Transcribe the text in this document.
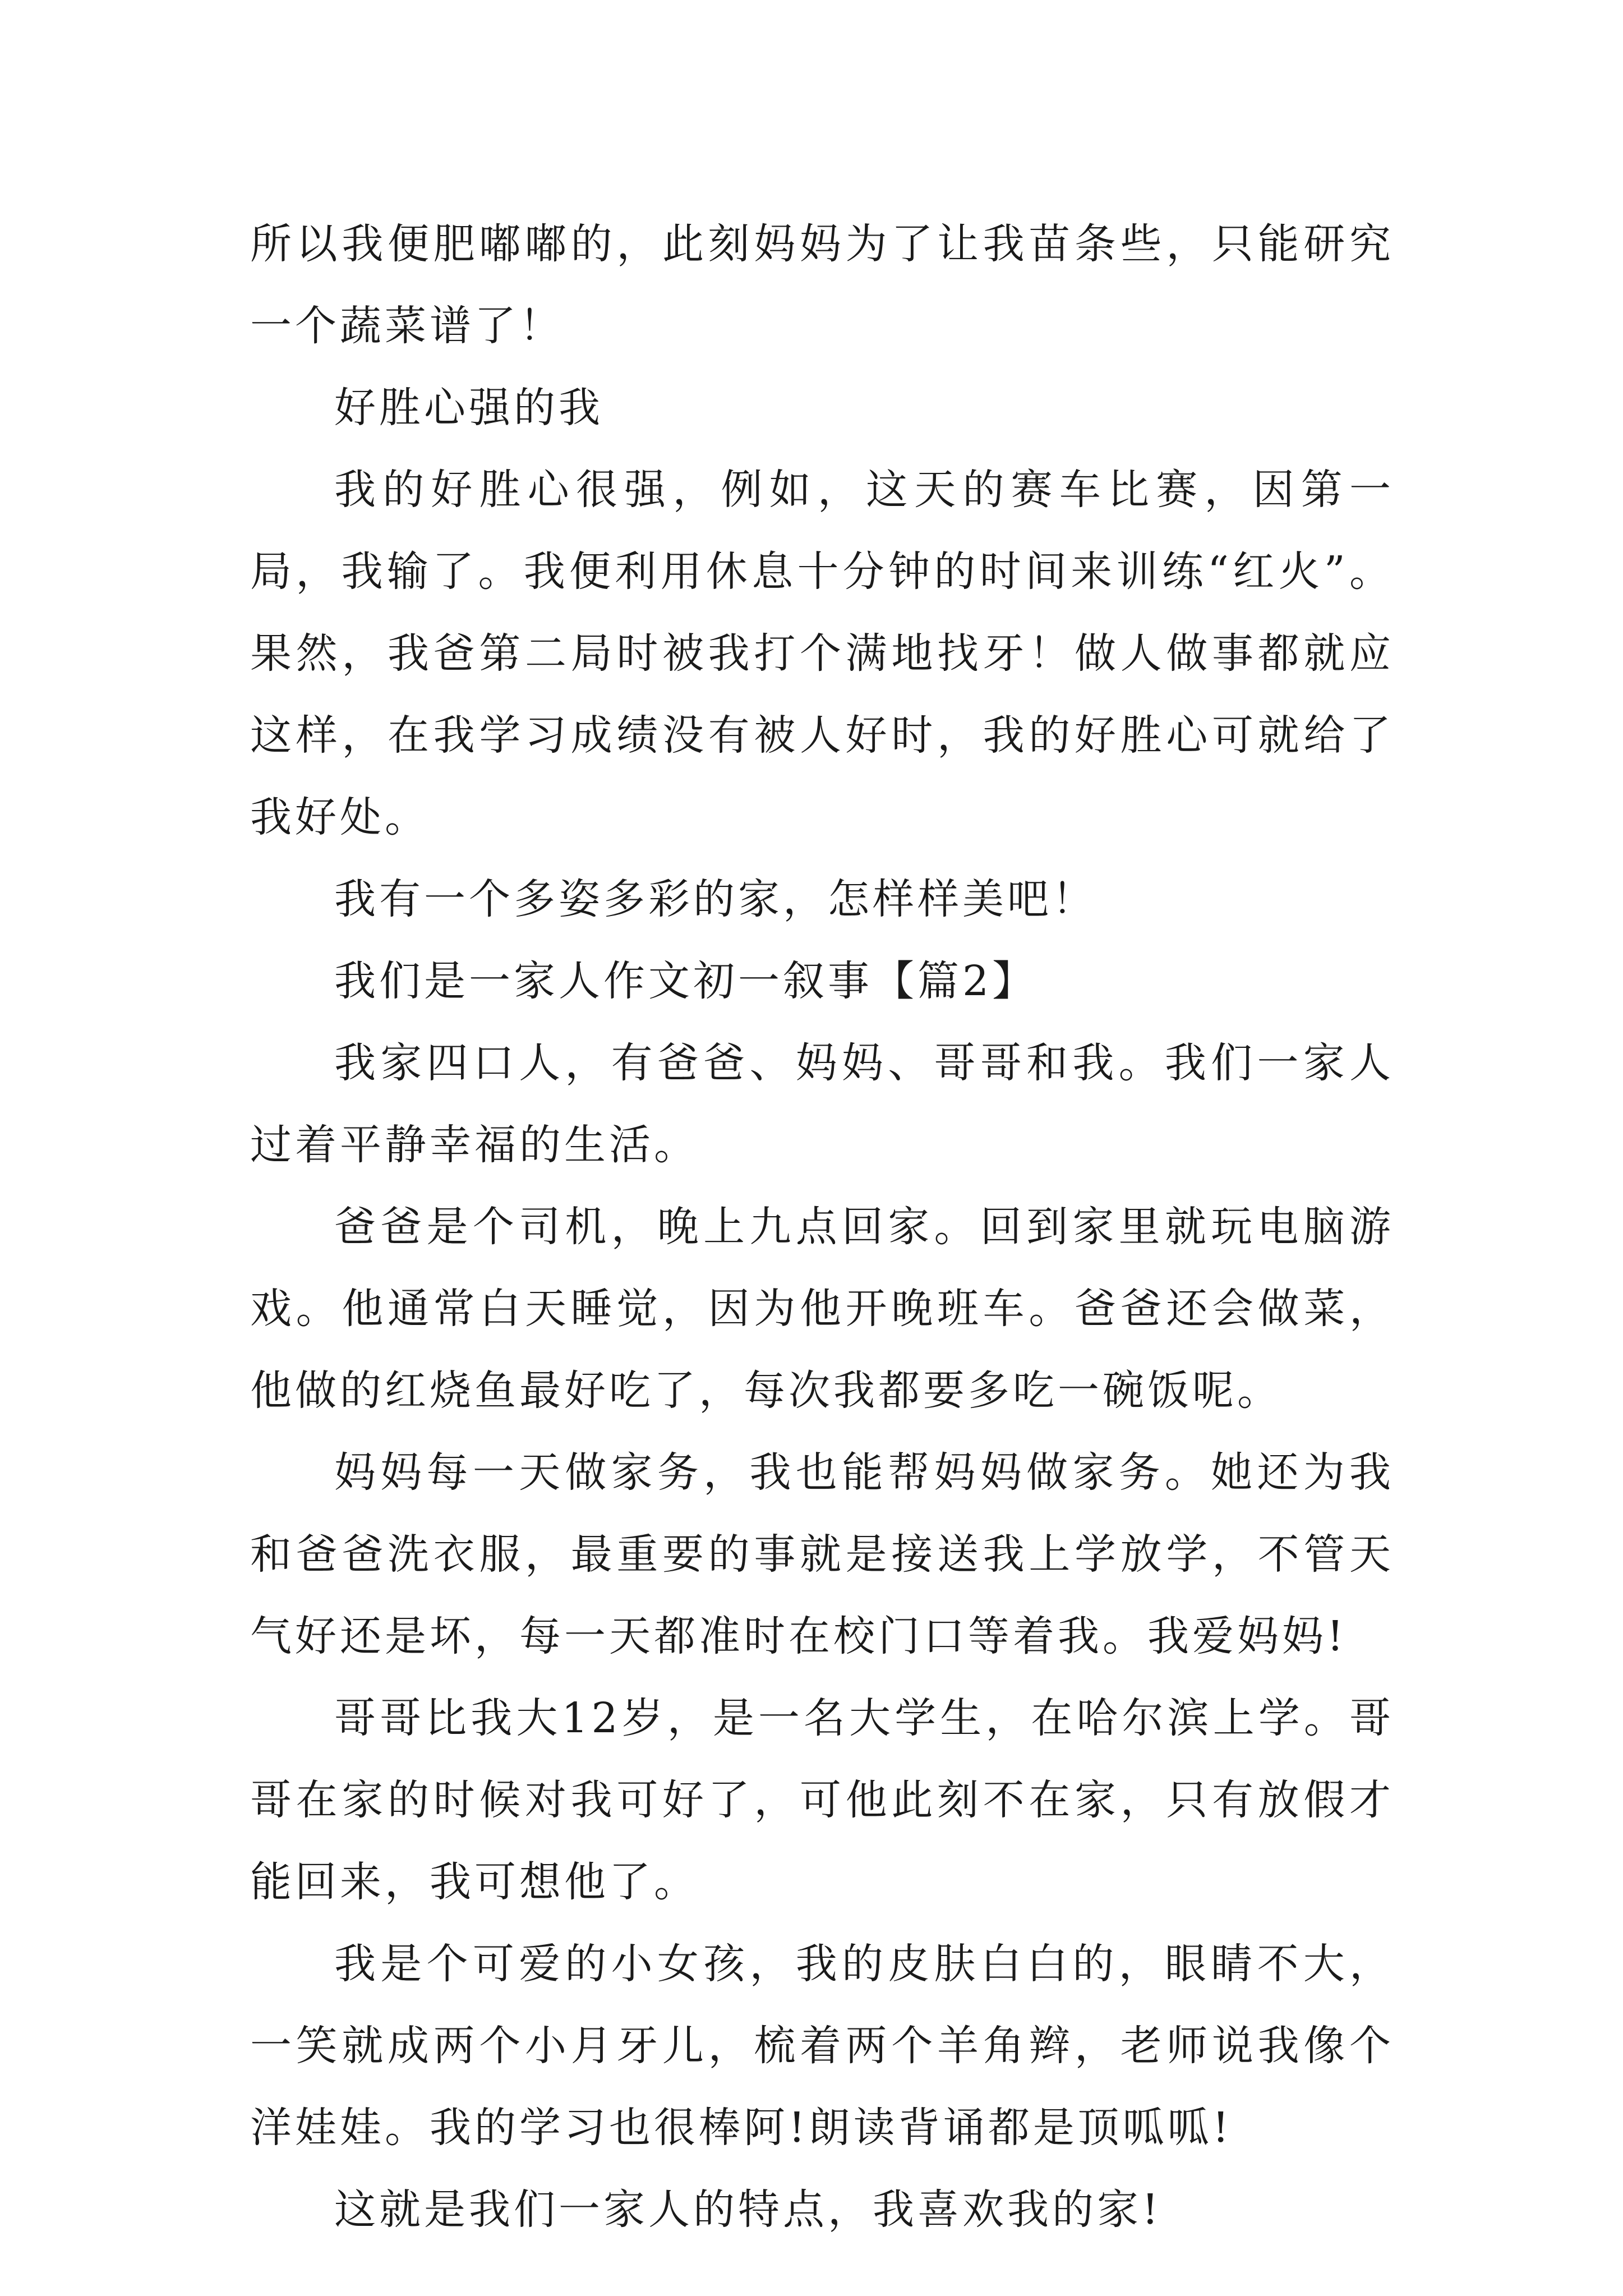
所以我便肥嘟嘟的，此刻妈妈为了让我苗条些，只能研究一个蔬菜谱了！

好胜心强的我

我的好胜心很强，例如，这天的赛车比赛，因第一局，我输了。我便利用休息十分钟的时间来训练“红火”。果然，我爸第二局时被我打个满地找牙！做人做事都就应这样，在我学习成绩没有被人好时，我的好胜心可就给了我好处。

我有一个多姿多彩的家，怎样样美吧！

我们是一家人作文初一叙事【篇2】

我家四口人，有爸爸、妈妈、哥哥和我。我们一家人过着平静幸福的生活。

爸爸是个司机，晚上九点回家。回到家里就玩电脑游戏。他通常白天睡觉，因为他开晚班车。爸爸还会做菜，他做的红烧鱼最好吃了，每次我都要多吃一碗饭呢。

妈妈每一天做家务，我也能帮妈妈做家务。她还为我和爸爸洗衣服，最重要的事就是接送我上学放学，不管天气好还是坏，每一天都准时在校门口等着我。我爱妈妈!

哥哥比我大12岁，是一名大学生，在哈尔滨上学。哥哥在家的时候对我可好了，可他此刻不在家，只有放假才能回来，我可想他了。

我是个可爱的小女孩，我的皮肤白白的，眼睛不大，一笑就成两个小月牙儿，梳着两个羊角辫，老师说我像个洋娃娃。我的学习也很棒阿!朗读背诵都是顶呱呱!

这就是我们一家人的特点，我喜欢我的家!
